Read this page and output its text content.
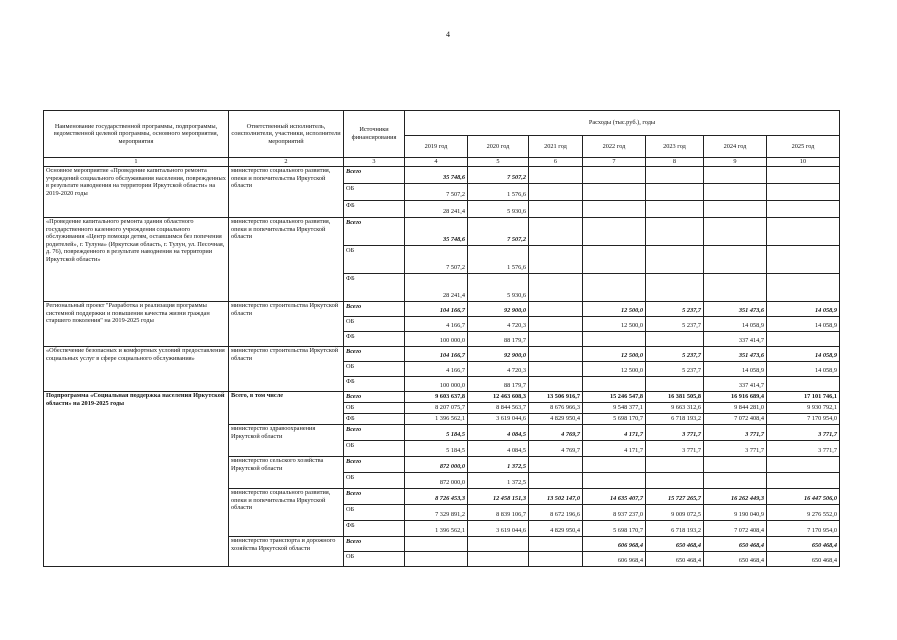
4
Наименование государственной программы, подпрограммы, ведомственной целевой программы, основного мероприятия, мероприятия	Ответственный исполнитель, соисполнители, участники, исполнители мероприятий	Источники финансирования	Расходы (тыс.руб.), годы						
			2019 год	2020 год	2021 год	2022 год	2023 год	2024 год	2025 год
1	2	3	4	5	6	7	8	9	10
Основное мероприятие «Проведение капитального ремонта учреждений социального обслуживания населения, поврежденных в результате наводнения на территории Иркутской области» на 2019-2020 годы	министерство социального развития, опеки и попечительства Иркутской области	Всего	35 748,6	7 507,2					
		ОБ	7 507,2	1 576,6					
		ФБ	28 241,4	5 930,6					
«Проведение капитального ремонта здания областного государственного казенного учреждения социального обслуживания «Центр помощи детям, оставшимся без попечения родителей», г. Тулуна» (Иркутская область, г. Тулун, ул. Песочная, д. 76), поврежденного в результате наводнения на территории Иркутской области»	министерство социального развития, опеки и попечительства Иркутской области	Всего	35 748,6	7 507,2					
		ОБ	7 507,2	1 576,6					
		ФБ	28 241,4	5 930,6					
Региональный проект "Разработка и реализация программы системной поддержки и повышения качества жизни граждан старшего поколения" на 2019-2025 годы	министерство строительства Иркутской области	Всего	104 166,7	92 900,0		12 500,0	5 237,7	351 473,6	14 058,9
		ОБ	4 166,7	4 720,3		12 500,0	5 237,7	14 058,9	14 058,9
		ФБ	100 000,0	88 179,7				337 414,7	
«Обеспечение безопасных и комфортных условий предоставления социальных услуг в сфере социального обслуживания»	министерство строительства Иркутской области	Всего	104 166,7	92 900,0		12 500,0	5 237,7	351 473,6	14 058,9
		ОБ	4 166,7	4 720,3		12 500,0	5 237,7	14 058,9	14 058,9
		ФБ	100 000,0	88 179,7				337 414,7	
Подпрограмма «Социальная поддержка населения Иркутской области» на 2019-2025 годы	Всего, в том числе	Всего	9 603 637,8	12 463 608,3	13 506 916,7	15 246 547,8	16 381 505,8	16 916 689,4	17 101 746,1
		ОБ	8 207 075,7	8 844 563,7	8 676 966,3	9 548 377,1	9 663 312,6	9 844 281,0	9 930 792,1
		ФБ	1 396 562,1	3 619 044,6	4 829 950,4	5 698 170,7	6 718 193,2	7 072 408,4	7 170 954,0
	министерство здравоохранения Иркутской области	Всего	5 184,5	4 084,5	4 769,7	4 171,7	3 771,7	3 771,7	3 771,7
		ОБ	5 184,5	4 084,5	4 769,7	4 171,7	3 771,7	3 771,7	3 771,7
	министерство сельского хозяйства Иркутской области	Всего	872 000,0	1 372,5					
		ОБ	872 000,0	1 372,5					
	министерство социального развития, опеки и попечительства Иркутской области	Всего	8 726 453,3	12 458 151,3	13 502 147,0	14 635 407,7	15 727 265,7	16 262 449,3	16 447 506,0
		ОБ	7 329 891,2	8 839 106,7	8 672 196,6	8 937 237,0	9 009 072,5	9 190 040,9	9 276 552,0
		ФБ	1 396 562,1	3 619 044,6	4 829 950,4	5 698 170,7	6 718 193,2	7 072 408,4	7 170 954,0
	министерство транспорта и дорожного хозяйства Иркутской области	Всего				606 968,4	650 468,4	650 468,4	650 468,4
		ОБ				606 968,4	650 468,4	650 468,4	650 468,4
